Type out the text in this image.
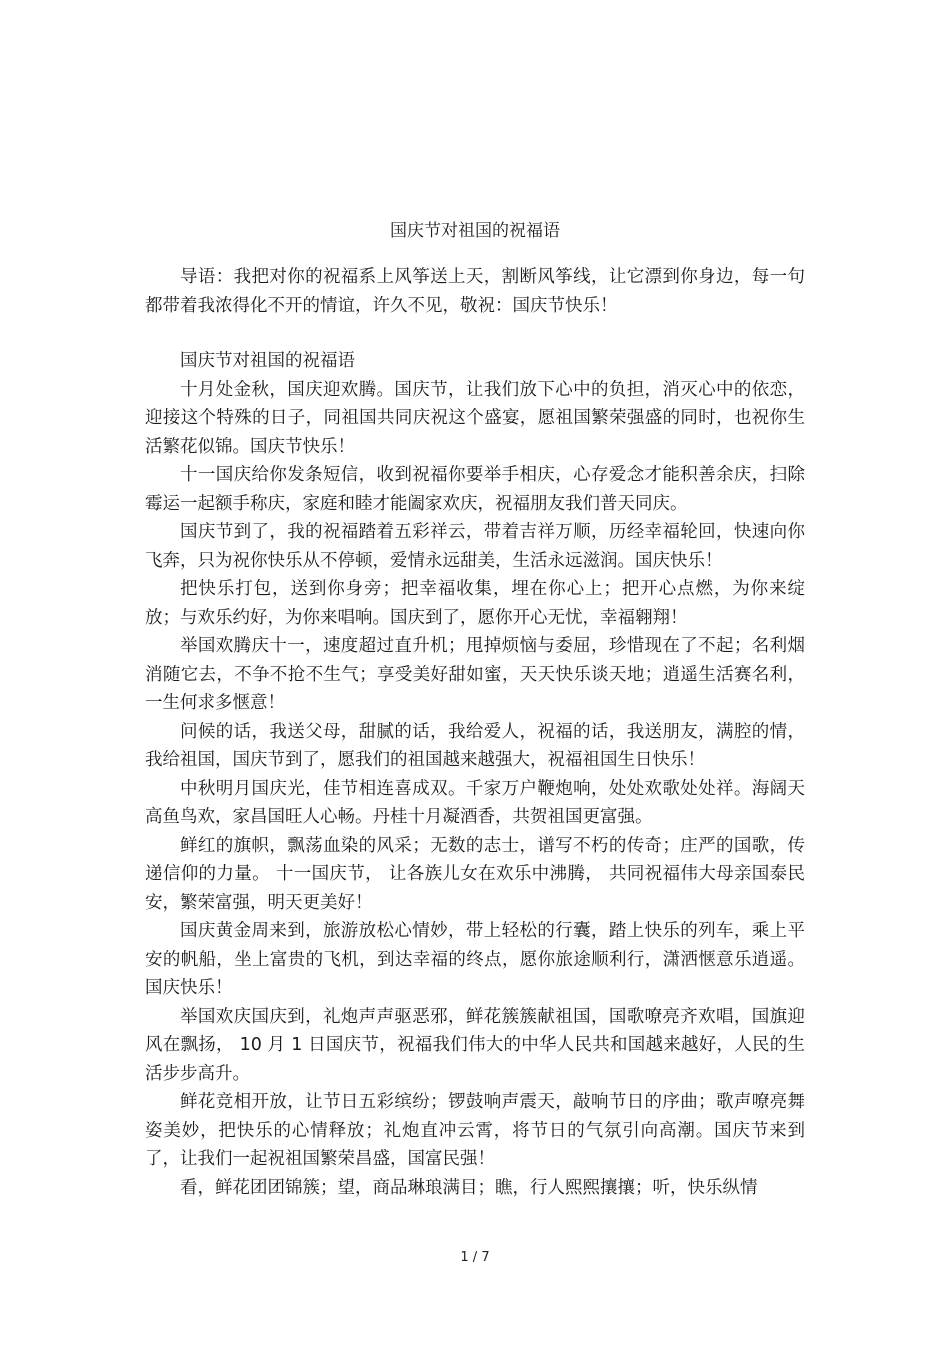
国庆节对祖国的祝福语

导语：我把对你的祝福系上风筝送上天，割断风筝线，让它漂到你身边，每一句都带着我浓得化不开的情谊，许久不见，敬祝：国庆节快乐！

国庆节对祖国的祝福语

十月处金秋，国庆迎欢腾。国庆节，让我们放下心中的负担，消灭心中的依恋，迎接这个特殊的日子，同祖国共同庆祝这个盛宴，愿祖国繁荣强盛的同时，也祝你生活繁花似锦。国庆节快乐！

十一国庆给你发条短信，收到祝福你要举手相庆，心存爱念才能积善余庆，扫除霉运一起额手称庆，家庭和睦才能阖家欢庆，祝福朋友我们普天同庆。

国庆节到了，我的祝福踏着五彩祥云，带着吉祥万顺，历经幸福轮回，快速向你飞奔，只为祝你快乐从不停顿，爱情永远甜美，生活永远滋润。国庆快乐！

把快乐打包，送到你身旁；把幸福收集，埋在你心上；把开心点燃，为你来绽放；与欢乐约好，为你来唱响。国庆到了，愿你开心无忧，幸福翱翔！

举国欢腾庆十一，速度超过直升机；甩掉烦恼与委屈，珍惜现在了不起；名利烟消随它去，不争不抢不生气；享受美好甜如蜜，天天快乐谈天地；逍遥生活赛名利，一生何求多惬意！

问候的话，我送父母，甜腻的话，我给爱人，祝福的话，我送朋友，满腔的情，我给祖国，国庆节到了，愿我们的祖国越来越强大，祝福祖国生日快乐！

中秋明月国庆光，佳节相连喜成双。千家万户鞭炮响，处处欢歌处处祥。海阔天高鱼鸟欢，家昌国旺人心畅。丹桂十月凝酒香，共贺祖国更富强。

鲜红的旗帜，飘荡血染的风采；无数的志士，谱写不朽的传奇；庄严的国歌，传递信仰的力量。 十一国庆节， 让各族儿女在欢乐中沸腾， 共同祝福伟大母亲国泰民安，繁荣富强，明天更美好！

国庆黄金周来到，旅游放松心情妙，带上轻松的行囊，踏上快乐的列车，乘上平安的帆船，坐上富贵的飞机，到达幸福的终点，愿你旅途顺利行，潇洒惬意乐逍遥。国庆快乐！

举国欢庆国庆到，礼炮声声驱恶邪，鲜花簇簇献祖国，国歌嘹亮齐欢唱，国旗迎风在飘扬， 10 月 1 日国庆节，祝福我们伟大的中华人民共和国越来越好，人民的生活步步高升。

鲜花竞相开放，让节日五彩缤纷；锣鼓响声震天，敲响节日的序曲；歌声嘹亮舞姿美妙，把快乐的心情释放；礼炮直冲云霄，将节日的气氛引向高潮。国庆节来到了，让我们一起祝祖国繁荣昌盛，国富民强！

看，鲜花团团锦簇；望，商品琳琅满目；瞧，行人熙熙攘攘；听，快乐纵情

1 / 7
